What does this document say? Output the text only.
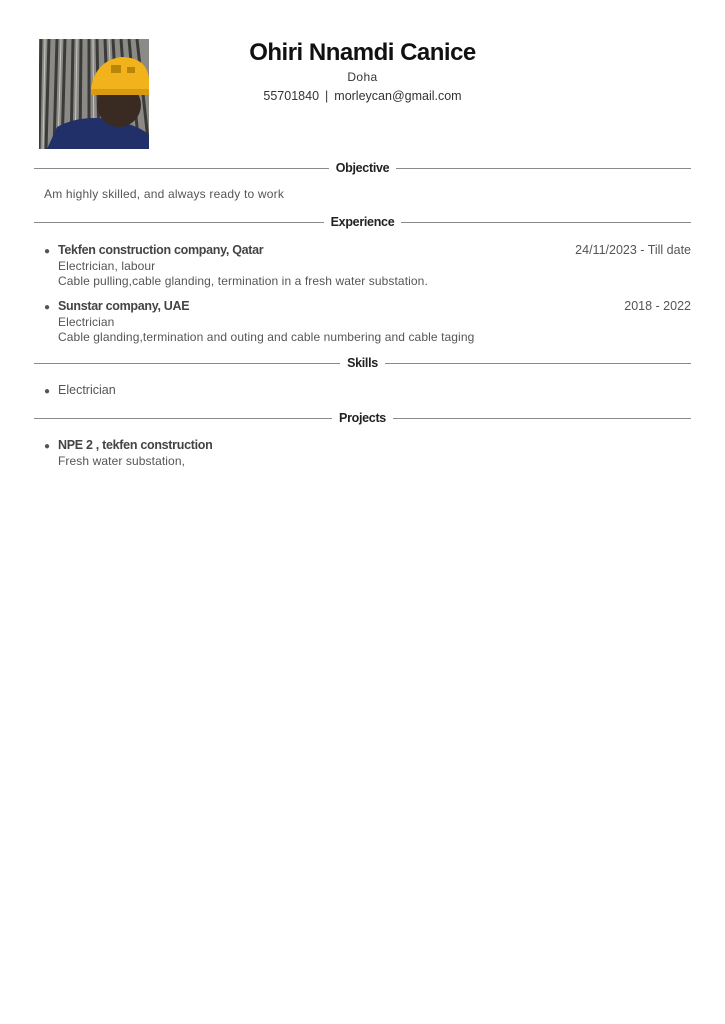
Ohiri Nnamdi Canice
Doha
55701840 | morleycan@gmail.com
Objective
Am highly skilled, and always ready to work
Experience
● Tekfen construction company, Qatar	24/11/2023 - Till date
Electrician, labour
Cable pulling,cable glanding, termination in a fresh water substation.
● Sunstar company, UAE	2018 - 2022
Electrician
Cable glanding,termination and outing and cable numbering and cable taging
Skills
● Electrician
Projects
● NPE 2 , tekfen construction
Fresh water substation,
